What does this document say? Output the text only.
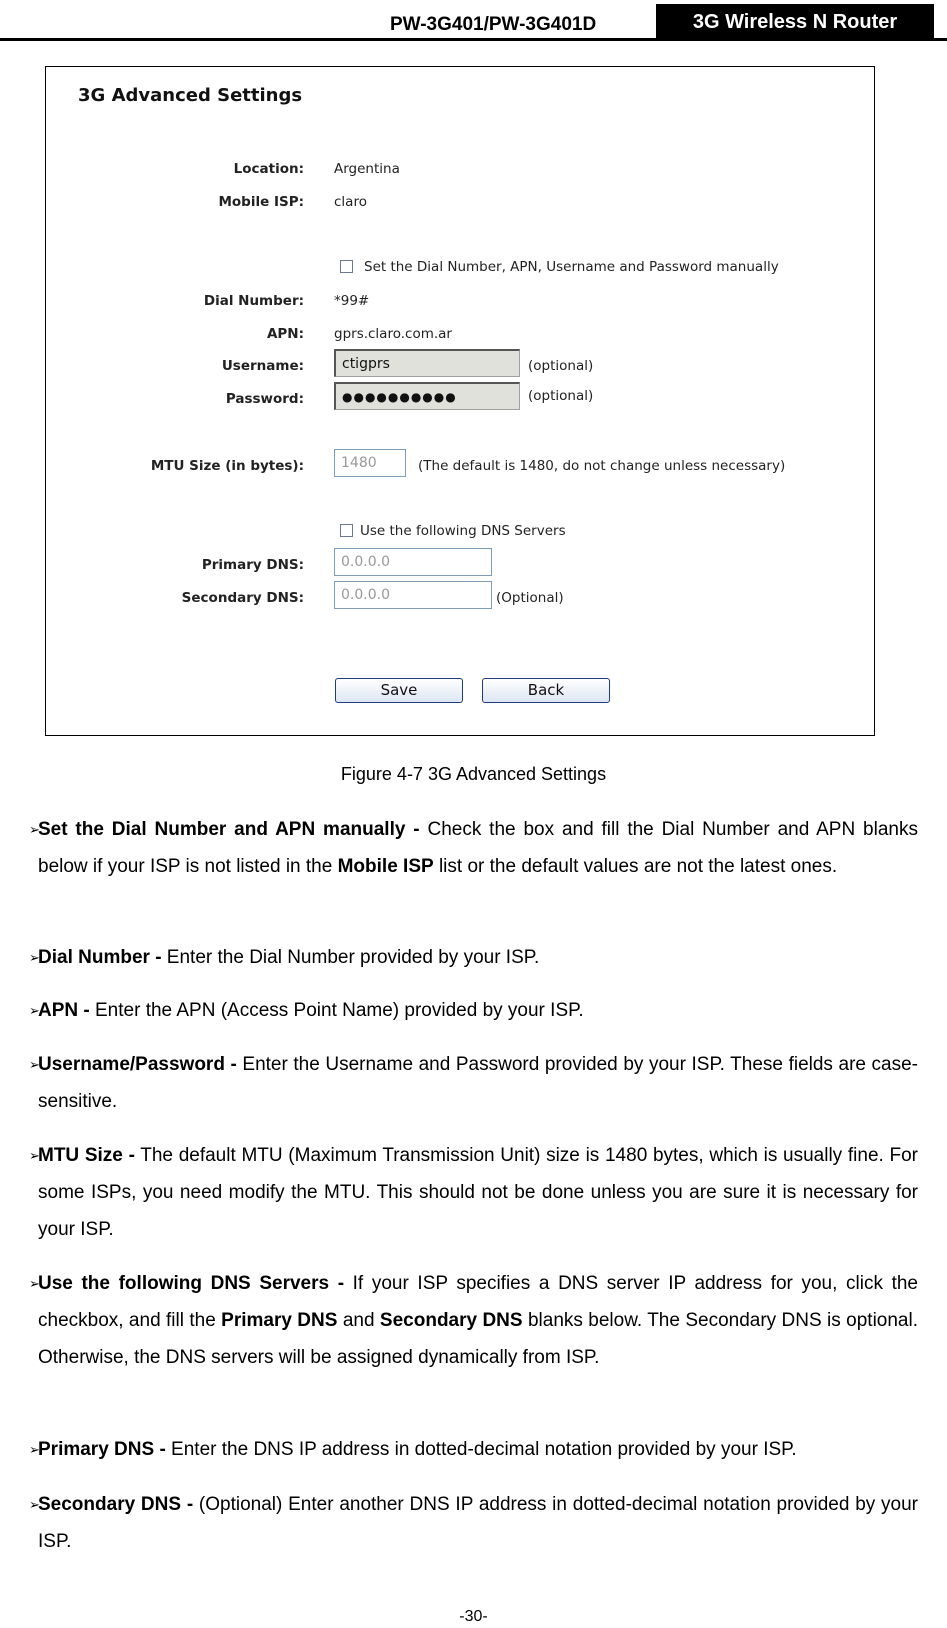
PW-3G401/PW-3G401D	3G Wireless N Router
3G Advanced Settings
Location: Argentina
Mobile ISP: claro
Set the Dial Number, APN, Username and Password manually
Dial Number: *99#
APN: gprs.claro.com.ar
Username:	ctigprs	(optional)
Password:	●●●●●●●●●●	(optional)
MTU Size (in bytes):	1480	(The default is 1480, do not change unless necessary)
Use the following DNS Servers
Primary DNS:	0.0.0.0
Secondary DNS:	0.0.0.0	(Optional)
Save	Back
Figure 4-7 3G Advanced Settings
➢
Set the Dial Number and APN manually - Check the box and fill the Dial Number and APN blanks below if your ISP is not listed in the Mobile ISP list or the default values are not the latest ones.
➢
Dial Number - Enter the Dial Number provided by your ISP.
➢
APN - Enter the APN (Access Point Name) provided by your ISP.
➢
Username/Password - Enter the Username and Password provided by your ISP. These fields are case-sensitive.
➢
MTU Size - The default MTU (Maximum Transmission Unit) size is 1480 bytes, which is usually fine. For some ISPs, you need modify the MTU. This should not be done unless you are sure it is necessary for your ISP.
➢
Use the following DNS Servers - If your ISP specifies a DNS server IP address for you, click the checkbox, and fill the Primary DNS and Secondary DNS blanks below. The Secondary DNS is optional. Otherwise, the DNS servers will be assigned dynamically from ISP.
➢
Primary DNS - Enter the DNS IP address in dotted-decimal notation provided by your ISP.
➢
Secondary DNS - (Optional) Enter another DNS IP address in dotted-decimal notation provided by your ISP.
-30-
